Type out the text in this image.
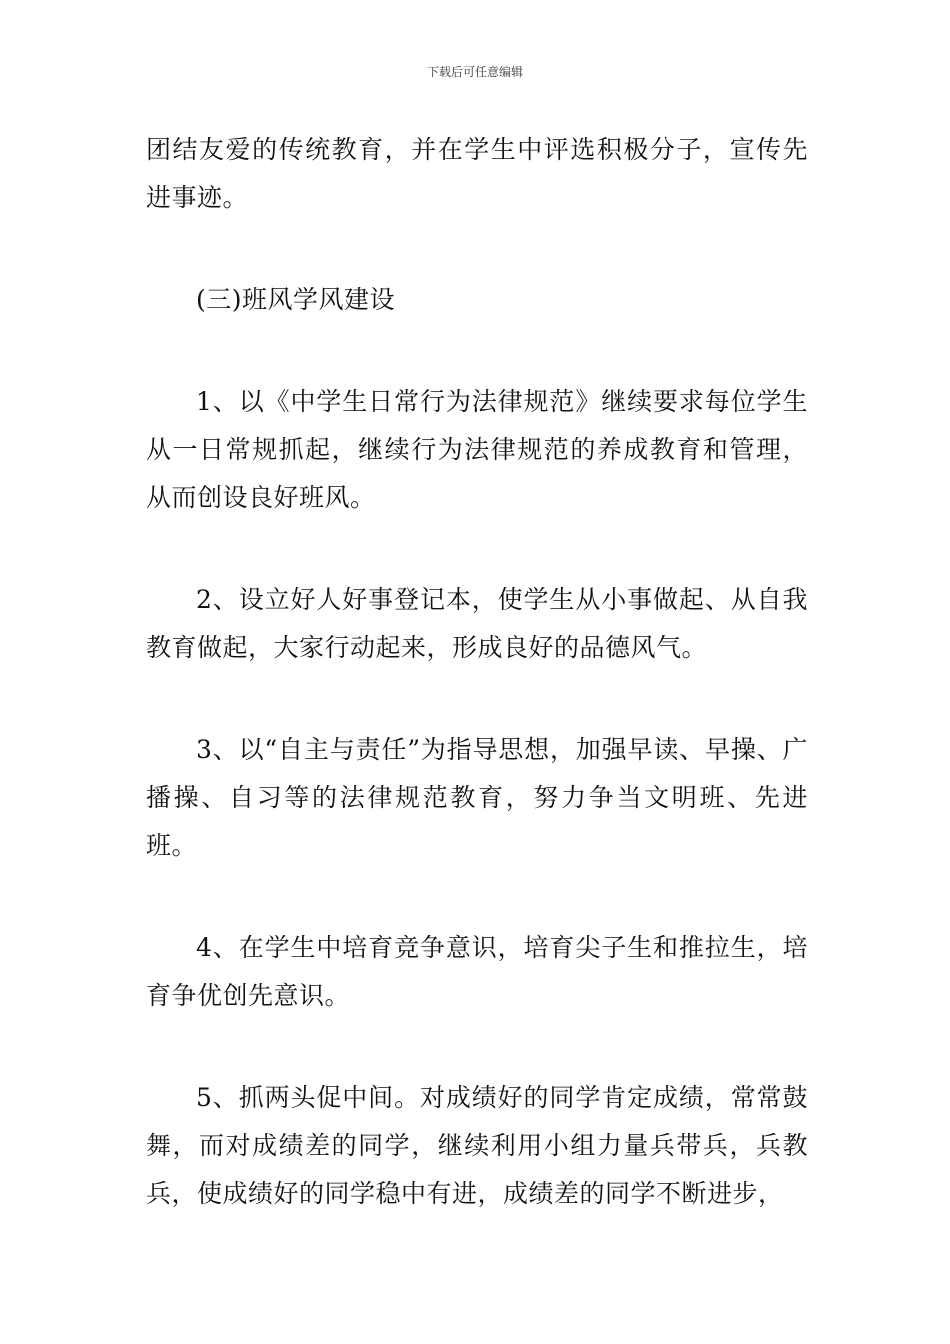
下载后可任意编辑

团结友爱的传统教育，并在学生中评选积极分子，宣传先进事迹。

(三)班风学风建设

1、以《中学生日常行为法律规范》继续要求每位学生从一日常规抓起，继续行为法律规范的养成教育和管理，从而创设良好班风。

2、设立好人好事登记本，使学生从小事做起、从自我教育做起，大家行动起来，形成良好的品德风气。

3、以“自主与责任”为指导思想，加强早读、早操、广播操、自习等的法律规范教育，努力争当文明班、先进班。

4、在学生中培育竞争意识，培育尖子生和推拉生，培育争优创先意识。

5、抓两头促中间。对成绩好的同学肯定成绩，常常鼓舞，而对成绩差的同学，继续利用小组力量兵带兵，兵教兵，使成绩好的同学稳中有进，成绩差的同学不断进步，
